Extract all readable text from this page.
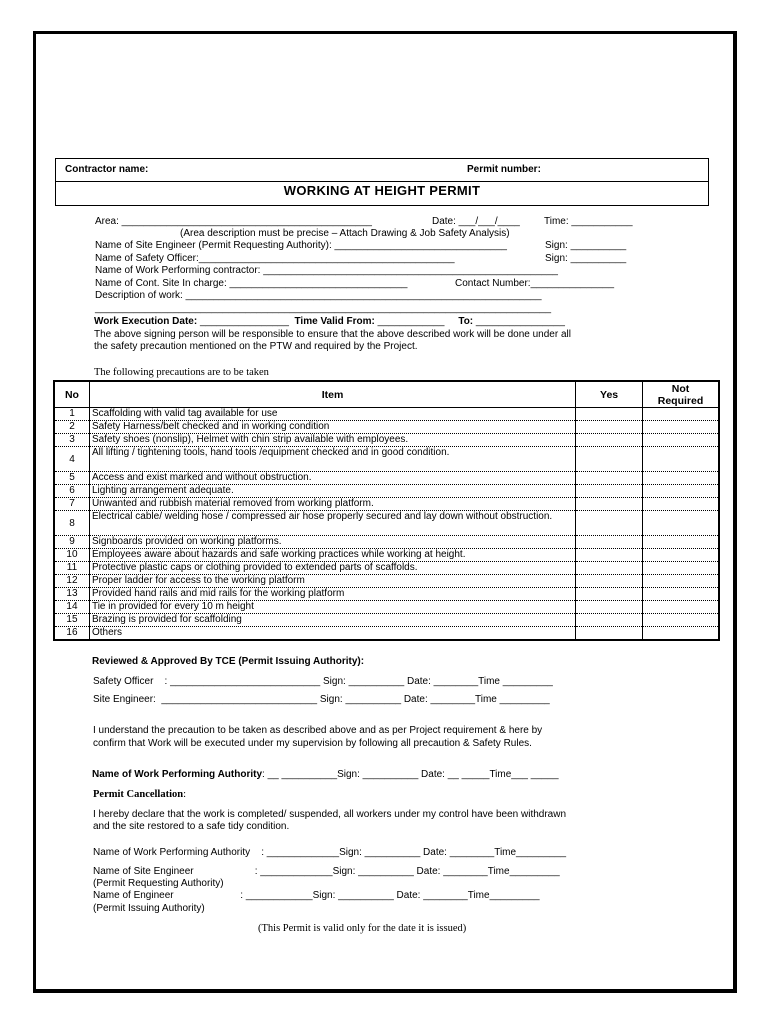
Contractor name:	Permit number:
WORKING AT HEIGHT PERMIT
Area: _____________________________________________	Date: ___/___/____ Time: ___________
(Area description must be precise – Attach Drawing & Job Safety Analysis)
Name of Site Engineer (Permit Requesting Authority): _______________________________	Sign: __________
Name of Safety Officer:______________________________________________	Sign: __________
Name of Work Performing contractor: _____________________________________________________
Name of Cont. Site In charge: ________________________________	Contact Number:_______________
Description of work: ________________________________________________________________
__________________________________________________________________________________
Work Execution Date: ________________ Time Valid From: ____________ To: ________________
The above signing person will be responsible to ensure that the above described work will be done under all
the safety precaution mentioned on the PTW and required by the Project.
The following precautions are to be taken
No	Item	Yes	Not
Required
1	Scaffolding with valid tag available for use		
2	Safety Harness/belt checked and in working condition		
3	Safety shoes (nonslip), Helmet with chin strip available with employees.		
4	All lifting / tightening tools, hand tools /equipment checked and in good condition.		
5	Access and exist marked and without obstruction.		
6	Lighting arrangement adequate.		
7	Unwanted and rubbish material removed from working platform.		
8	Electrical cable/ welding hose / compressed air hose properly secured and lay down without obstruction.		
9	Signboards provided on working platforms.		
10	Employees aware about hazards and safe working practices while working at height.		
11	Protective plastic caps or clothing provided to extended parts of scaffolds.		
12	Proper ladder for access to the working platform		
13	Provided hand rails and mid rails for the working platform		
14	Tie in provided for every 10 m height		
15	Brazing is provided for scaffolding		
16	Others		
Reviewed & Approved By TCE (Permit Issuing Authority):
Safety Officer    : ___________________________ Sign: __________ Date: ________Time _________
Site Engineer:  ____________________________ Sign: __________ Date: ________Time _________
I understand the precaution to be taken as described above and as per Project requirement & here by
confirm that Work will be executed under my supervision by following all precaution & Safety Rules.
Name of Work Performing Authority: __ __________Sign: __________ Date: __ _____Time___ _____
Permit Cancellation:
I hereby declare that the work is completed/ suspended, all workers under my control have been withdrawn
and the site restored to a safe tidy condition.
Name of Work Performing Authority    : _____________Sign: __________ Date: ________Time_________
Name of Site Engineer                      : _____________Sign: __________ Date: ________Time_________
(Permit Requesting Authority)
Name of Engineer                        : ____________Sign: __________ Date: ________Time_________
(Permit Issuing Authority)
(This Permit is valid only for the date it is issued)
